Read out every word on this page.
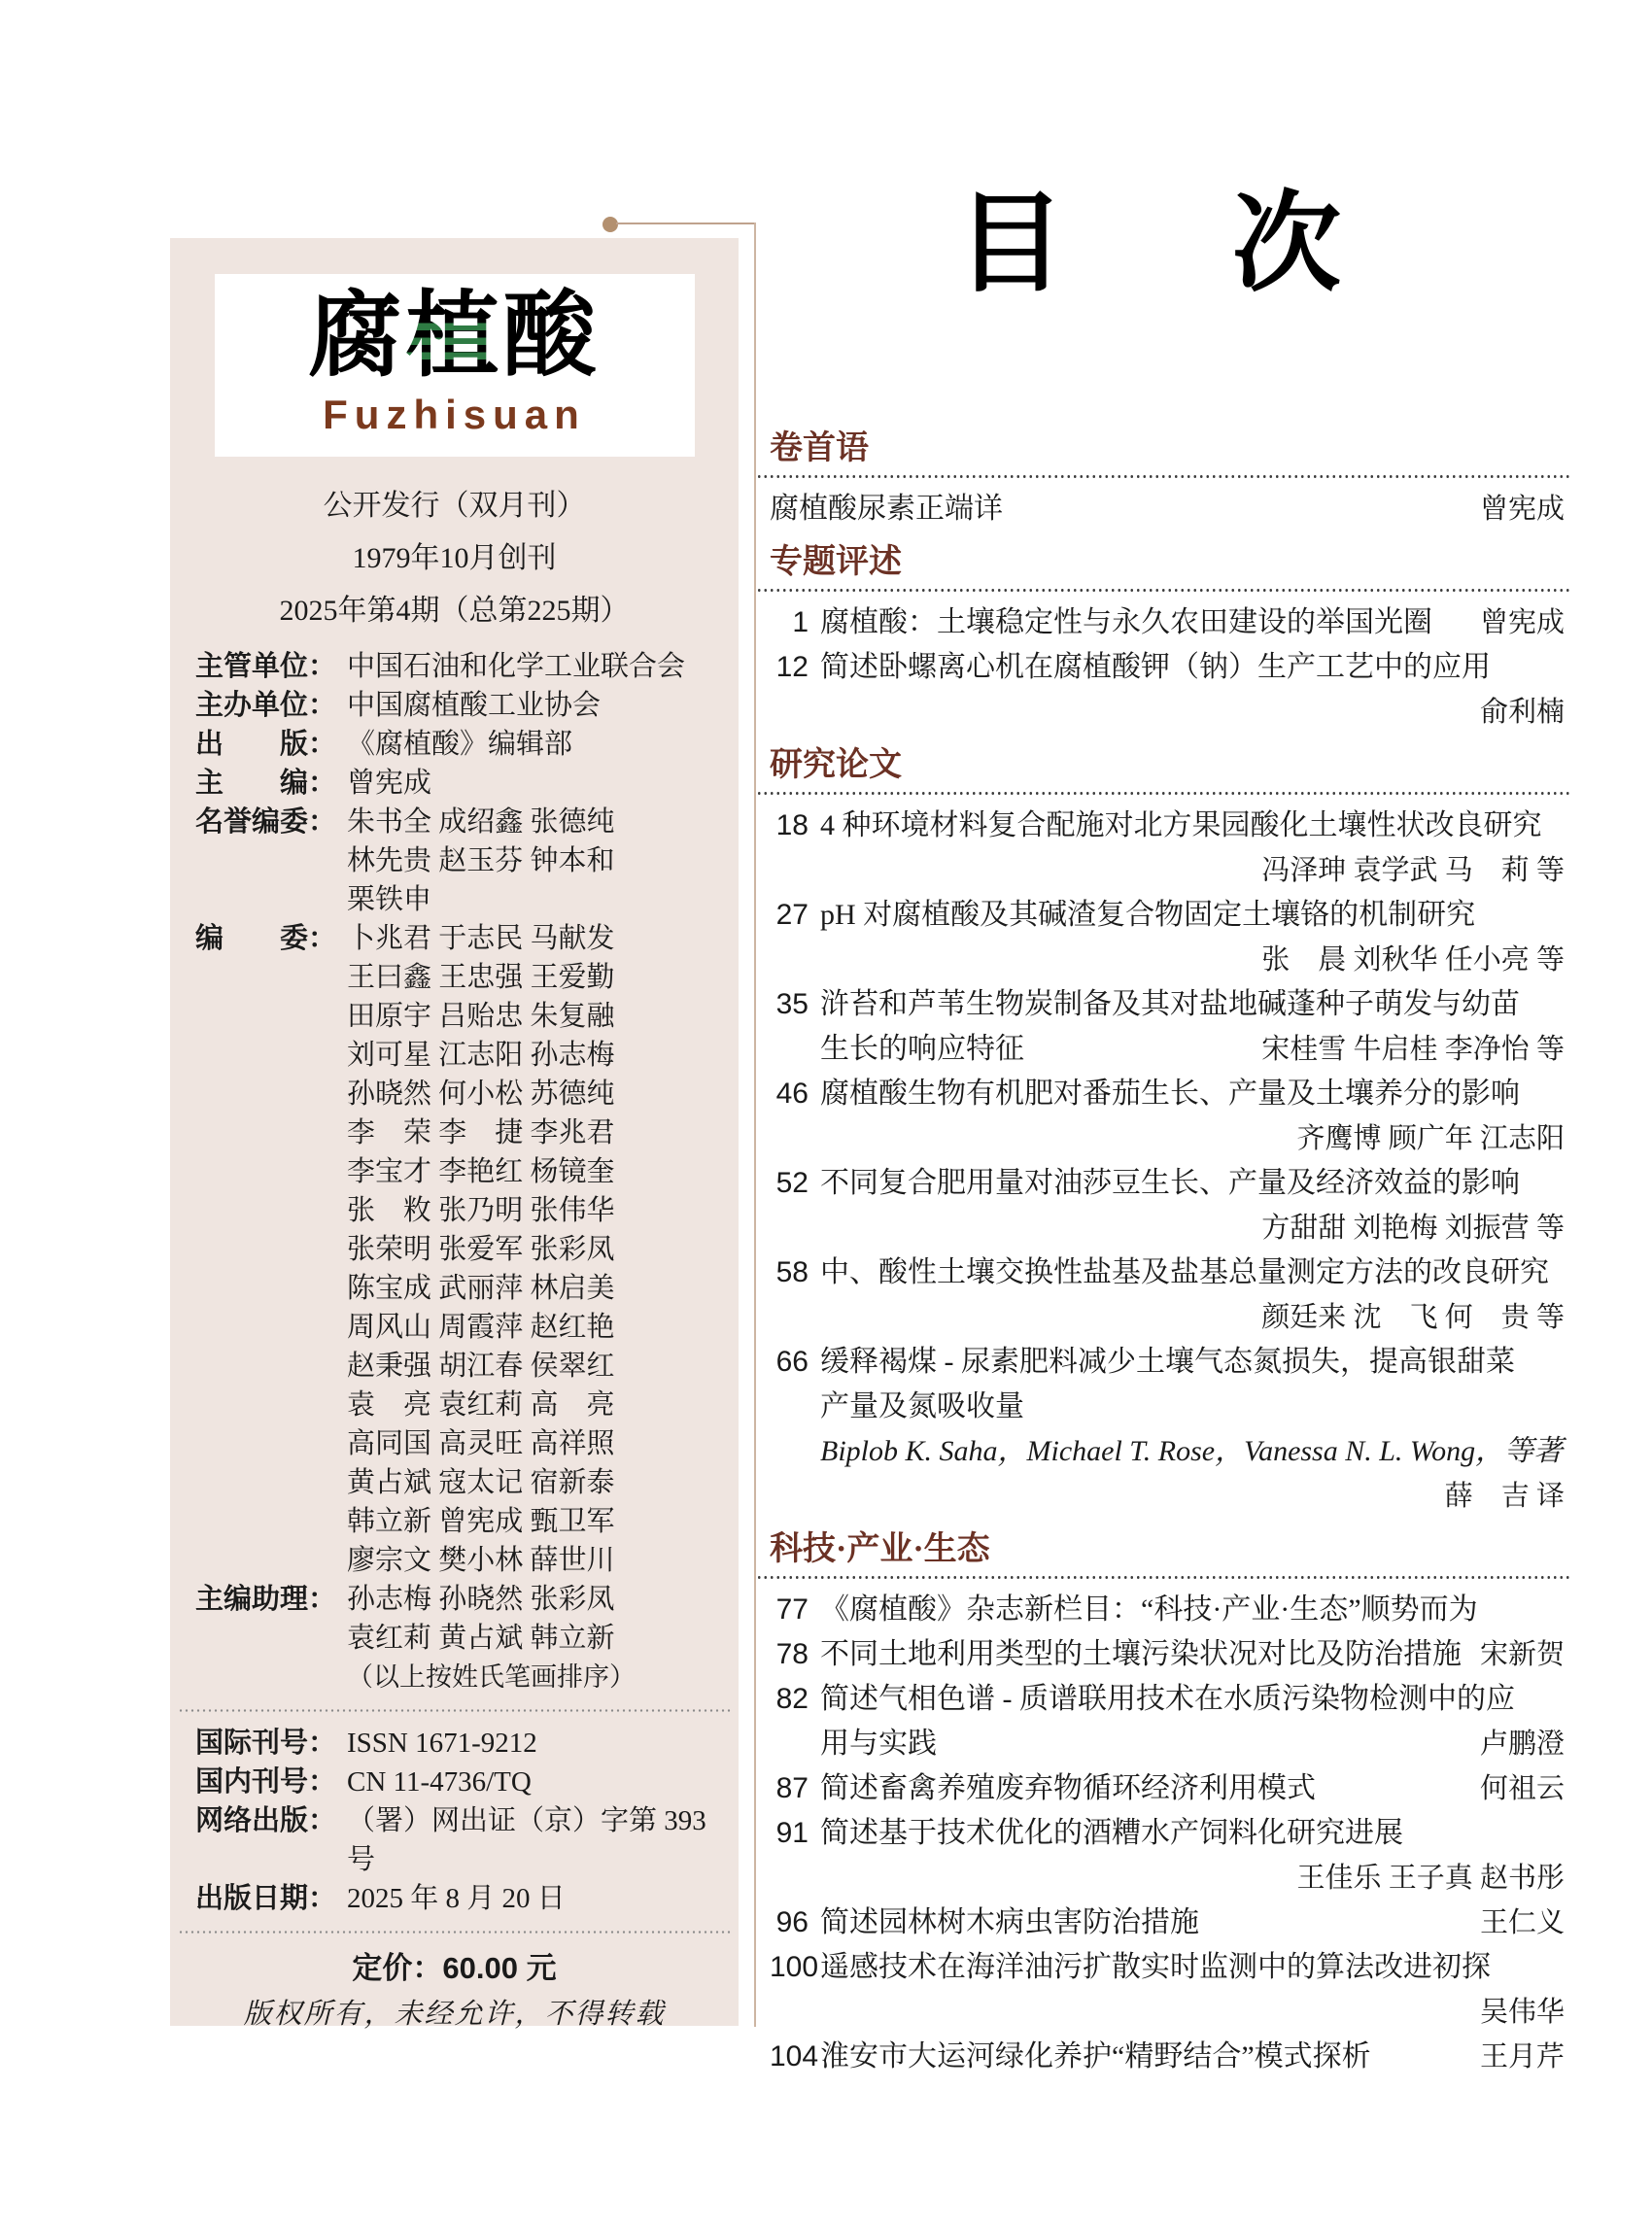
腐植酸
Fuzhisuan
公开发行（双月刊）
1979年10月创刊
2025年第4期（总第225期）
主管单位： 中国石油和化学工业联合会
主办单位： 中国腐植酸工业协会
出　　版： 《腐植酸》编辑部
主　　编： 曾宪成
名誉编委： 朱书全 成绍鑫 张德纯
林先贵 赵玉芬 钟本和
栗铁申
编　　委： 卜兆君 于志民 马献发
王曰鑫 王忠强 王爱勤
田原宇 吕贻忠 朱复融
刘可星 江志阳 孙志梅
孙晓然 何小松 苏德纯
李　荣 李　捷 李兆君
李宝才 李艳红 杨镜奎
张　敉 张乃明 张伟华
张荣明 张爱军 张彩凤
陈宝成 武丽萍 林启美
周风山 周霞萍 赵红艳
赵秉强 胡江春 侯翠红
袁　亮 袁红莉 高　亮
高同国 高灵旺 高祥照
黄占斌 寇太记 宿新泰
韩立新 曾宪成 甄卫军
廖宗文 樊小林 薛世川
主编助理： 孙志梅 孙晓然 张彩凤
袁红莉 黄占斌 韩立新
（以上按姓氏笔画排序）
国际刊号： ISSN 1671-9212
国内刊号： CN 11-4736/TQ
网络出版： （署）网出证（京）字第 393 号
出版日期： 2025 年 8 月 20 日
定价：60.00 元
版权所有，未经允许，不得转载
目　次
卷首语
腐植酸尿素正端详	曾宪成
专题评述
1 腐植酸：土壤稳定性与永久农田建设的举国光圈	曾宪成
12 简述卧螺离心机在腐植酸钾（钠）生产工艺中的应用
俞利楠
研究论文
18 4 种环境材料复合配施对北方果园酸化土壤性状改良研究
冯泽珅 袁学武 马　莉 等
27 pH 对腐植酸及其碱渣复合物固定土壤铬的机制研究
张　晨 刘秋华 任小亮 等
35 浒苔和芦苇生物炭制备及其对盐地碱蓬种子萌发与幼苗
生长的响应特征	宋桂雪 牛启桂 李净怡 等
46 腐植酸生物有机肥对番茄生长、产量及土壤养分的影响
齐鹰博 顾广年 江志阳
52 不同复合肥用量对油莎豆生长、产量及经济效益的影响
方甜甜 刘艳梅 刘振营 等
58 中、酸性土壤交换性盐基及盐基总量测定方法的改良研究
颜廷来 沈　飞 何　贵 等
66 缓释褐煤 - 尿素肥料减少土壤气态氮损失，提高银甜菜
产量及氮吸收量
Biplob K. Saha，Michael T. Rose，Vanessa N. L. Wong，等著
薛　吉 译
科技·产业·生态
77 《腐植酸》杂志新栏目：“科技·产业·生态”顺势而为
78 不同土地利用类型的土壤污染状况对比及防治措施 宋新贺
82 简述气相色谱 - 质谱联用技术在水质污染物检测中的应
用与实践	卢鹏澄
87 简述畜禽养殖废弃物循环经济利用模式	何祖云
91 简述基于技术优化的酒糟水产饲料化研究进展
王佳乐 王子真 赵书彤
96 简述园林树木病虫害防治措施	王仁义
100 遥感技术在海洋油污扩散实时监测中的算法改进初探
吴伟华
104 淮安市大运河绿化养护“精野结合”模式探析	王月芹
